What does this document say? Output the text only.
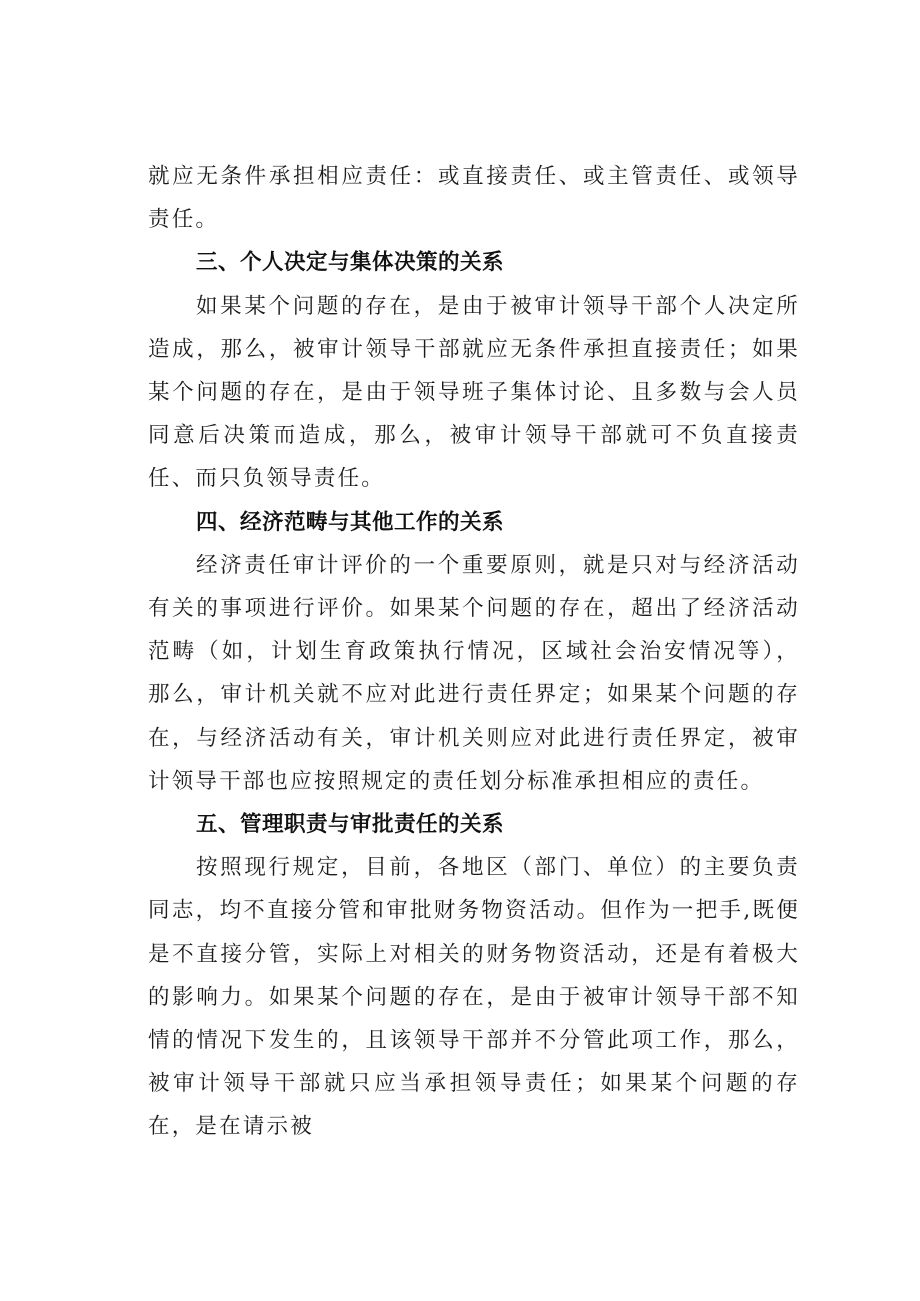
就应无条件承担相应责任：或直接责任、或主管责任、或领导责任。

三、个人决定与集体决策的关系

如果某个问题的存在，是由于被审计领导干部个人决定所造成，那么，被审计领导干部就应无条件承担直接责任；如果某个问题的存在，是由于领导班子集体讨论、且多数与会人员同意后决策而造成，那么，被审计领导干部就可不负直接责任、而只负领导责任。

四、经济范畴与其他工作的关系

经济责任审计评价的一个重要原则，就是只对与经济活动有关的事项进行评价。如果某个问题的存在，超出了经济活动范畴（如，计划生育政策执行情况，区域社会治安情况等），那么，审计机关就不应对此进行责任界定；如果某个问题的存在，与经济活动有关，审计机关则应对此进行责任界定，被审计领导干部也应按照规定的责任划分标准承担相应的责任。

五、管理职责与审批责任的关系

按照现行规定，目前，各地区（部门、单位）的主要负责同志，均不直接分管和审批财务物资活动。但作为一把手,既便是不直接分管，实际上对相关的财务物资活动，还是有着极大的影响力。如果某个问题的存在，是由于被审计领导干部不知情的情况下发生的，且该领导干部并不分管此项工作，那么，被审计领导干部就只应当承担领导责任；如果某个问题的存在，是在请示被
